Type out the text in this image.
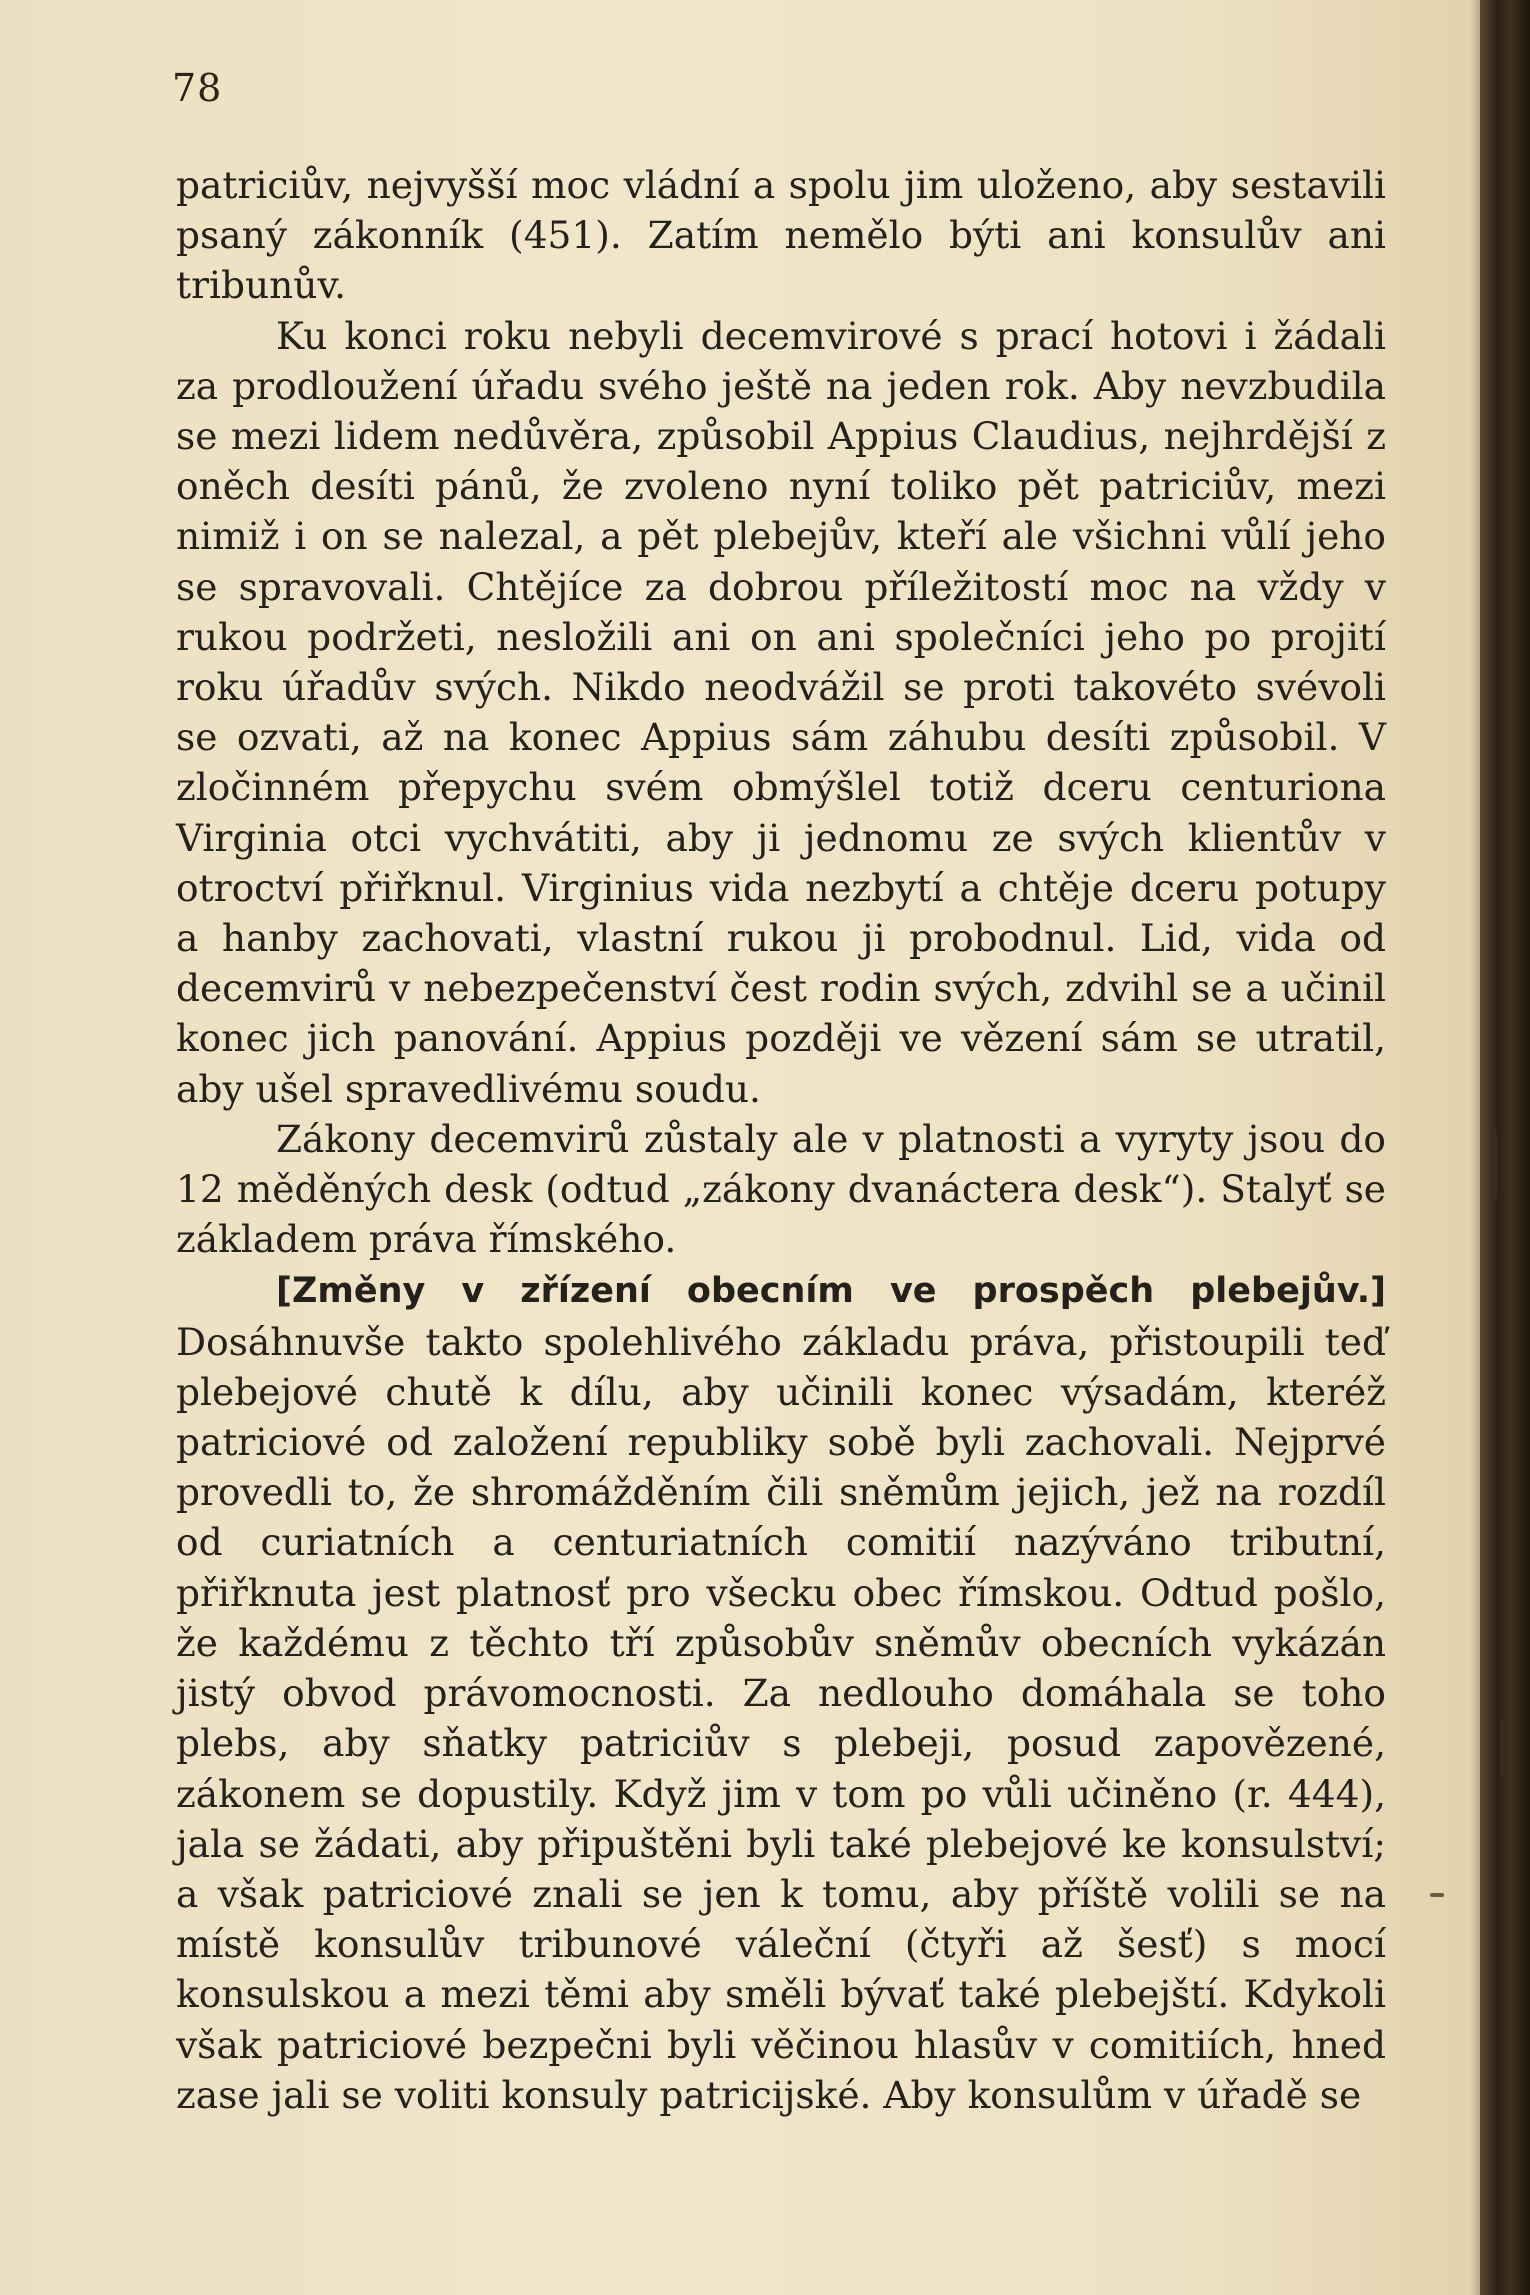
78

patriciův, nejvyšší moc vládní a spolu jim uloženo, aby sestavili psaný zákonník (451). Zatím nemělo býti ani konsulův ani tribunův.

Ku konci roku nebyli decemvirové s prací hotovi i žádali za prodloužení úřadu svého ještě na jeden rok. Aby nevzbudila se mezi lidem nedůvěra, způsobil Appius Claudius, nejhrdější z oněch desíti pánů, že zvoleno nyní toliko pět patriciův, mezi nimiž i on se nalezal, a pět plebejův, kteří ale všichni vůlí jeho se spravovali. Chtějíce za dobrou příležitostí moc na vždy v rukou podržeti, nesložili ani on ani společníci jeho po projití roku úřadův svých. Nikdo neodvážil se proti takovéto svévoli se ozvati, až na konec Appius sám záhubu desíti způsobil. V zločinném přepychu svém obmýšlel totiž dceru centuriona Virginia otci vychvátiti, aby ji jednomu ze svých klientův v otroctví přiřknul. Virginius vida nezbytí a chtěje dceru potupy a hanby zachovati, vlastní rukou ji probodnul. Lid, vida od decemvirů v nebezpečenství čest rodin svých, zdvihl se a učinil konec jich panování. Appius později ve vězení sám se utratil, aby ušel spravedlivému soudu.

Zákony decemvirů zůstaly ale v platnosti a vyryty jsou do 12 měděných desk (odtud „zákony dvanáctera desk“). Stalyť se základem práva římského.

[Změny v zřízení obecním ve prospěch plebejův.] Dosáhnuvše takto spolehlivého základu práva, přistoupili teď plebejové chutě k dílu, aby učinili konec výsadám, kteréž patriciové od založení republiky sobě byli zachovali. Nejprvé provedli to, že shromážděním čili sněmům jejich, jež na rozdíl od curiatních a centuriatních comitií nazýváno tributní, přiřknuta jest platnosť pro všecku obec římskou. Odtud pošlo, že každému z těchto tří způsobův sněmův obecních vykázán jistý obvod právomocnosti. Za nedlouho domáhala se toho plebs, aby sňatky patriciův s plebeji, posud zapovězené, zákonem se dopustily. Když jim v tom po vůli učiněno (r. 444), jala se žádati, aby připuštěni byli také plebejové ke konsulství; a však patriciové znali se jen k tomu, aby příště volili se na místě konsulův tribunové váleční (čtyři až šesť) s mocí konsulskou a mezi těmi aby směli bývať také plebejští. Kdykoli však patriciové bezpečni byli věčinou hlasův v comitiích, hned zase jali se voliti konsuly patricijské. Aby konsulům v úřadě se
